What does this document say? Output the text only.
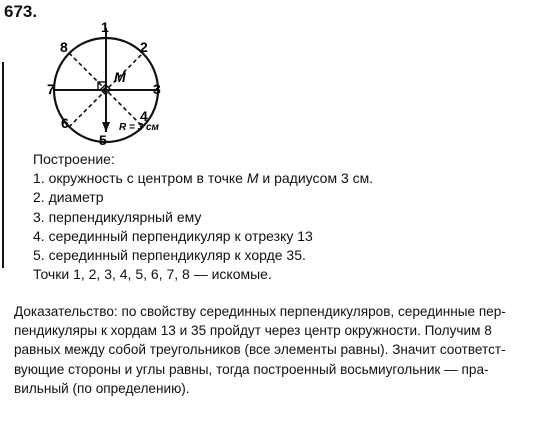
673.
1
2
3
4
5
6
7
8
M
R = 3 см
Построение:
1. окружность с центром в точке M и радиусом 3 см.
2. диаметр
3. перпендикулярный ему
4. серединный перпендикуляр к отрезку 13
5. серединный перпендикуляр к хорде 35.
Точки 1, 2, 3, 4, 5, 6, 7, 8 — искомые.
Доказательство: по свойству серединных перпендикуляров, серединные пер-
пендикуляры к хордам 13 и 35 пройдут через центр окружности. Получим 8
равных между собой треугольников (все элементы равны). Значит соответст-
вующие стороны и углы равны, тогда построенный восьмиугольник — пра-
вильный (по определению).
